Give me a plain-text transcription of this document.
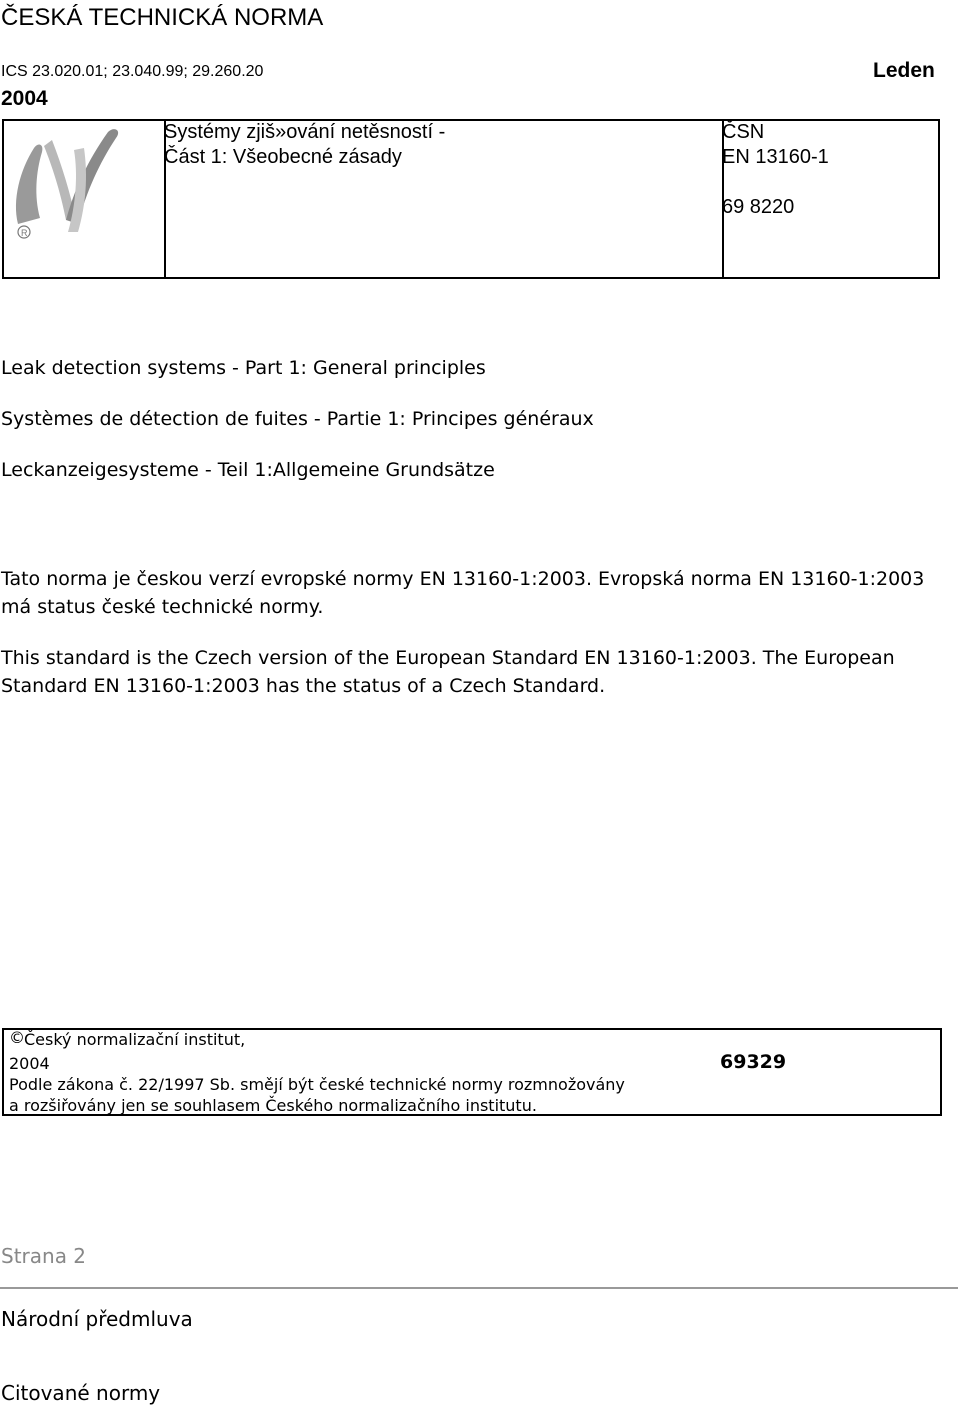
ČESKÁ TECHNICKÁ NORMA
ICS 23.020.01; 23.040.99; 29.260.20	Leden
2004
R
Systémy zjiš»ování netěsností -
Část 1: Všeobecné zásady
ČSN
EN 13160-1
69 8220
Leak detection systems - Part 1: General principles
Systèmes de détection de fuites - Partie 1: Principes généraux
Leckanzeigesysteme - Teil 1:Allgemeine Grundsätze
Tato norma je českou verzí evropské normy EN 13160-1:2003. Evropská norma EN 13160-1:2003 má status české technické normy.
This standard is the Czech version of the European Standard EN 13160-1:2003. The European Standard EN 13160-1:2003 has the status of a Czech Standard.
© Český normalizační institut,
2004	69329
Podle zákona č. 22/1997 Sb. smějí být české technické normy rozmnožovány
a rozšiřovány jen se souhlasem Českého normalizačního institutu.
Strana 2
Národní předmluva
Citované normy
